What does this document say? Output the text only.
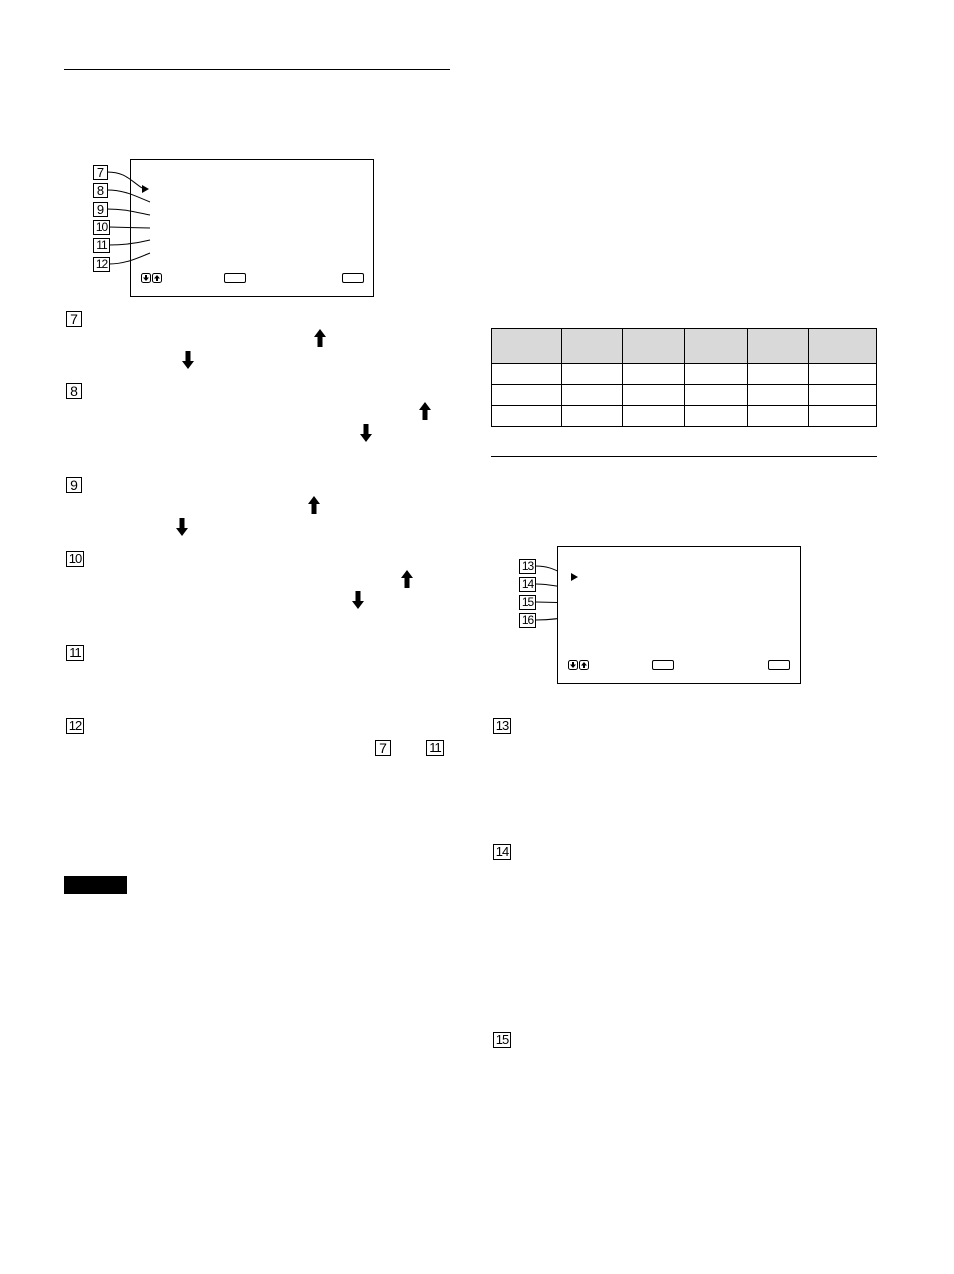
7
8
9
10
11
12
7
8
9
10
11
12
7	11

13
14
15
16
13
14
15
